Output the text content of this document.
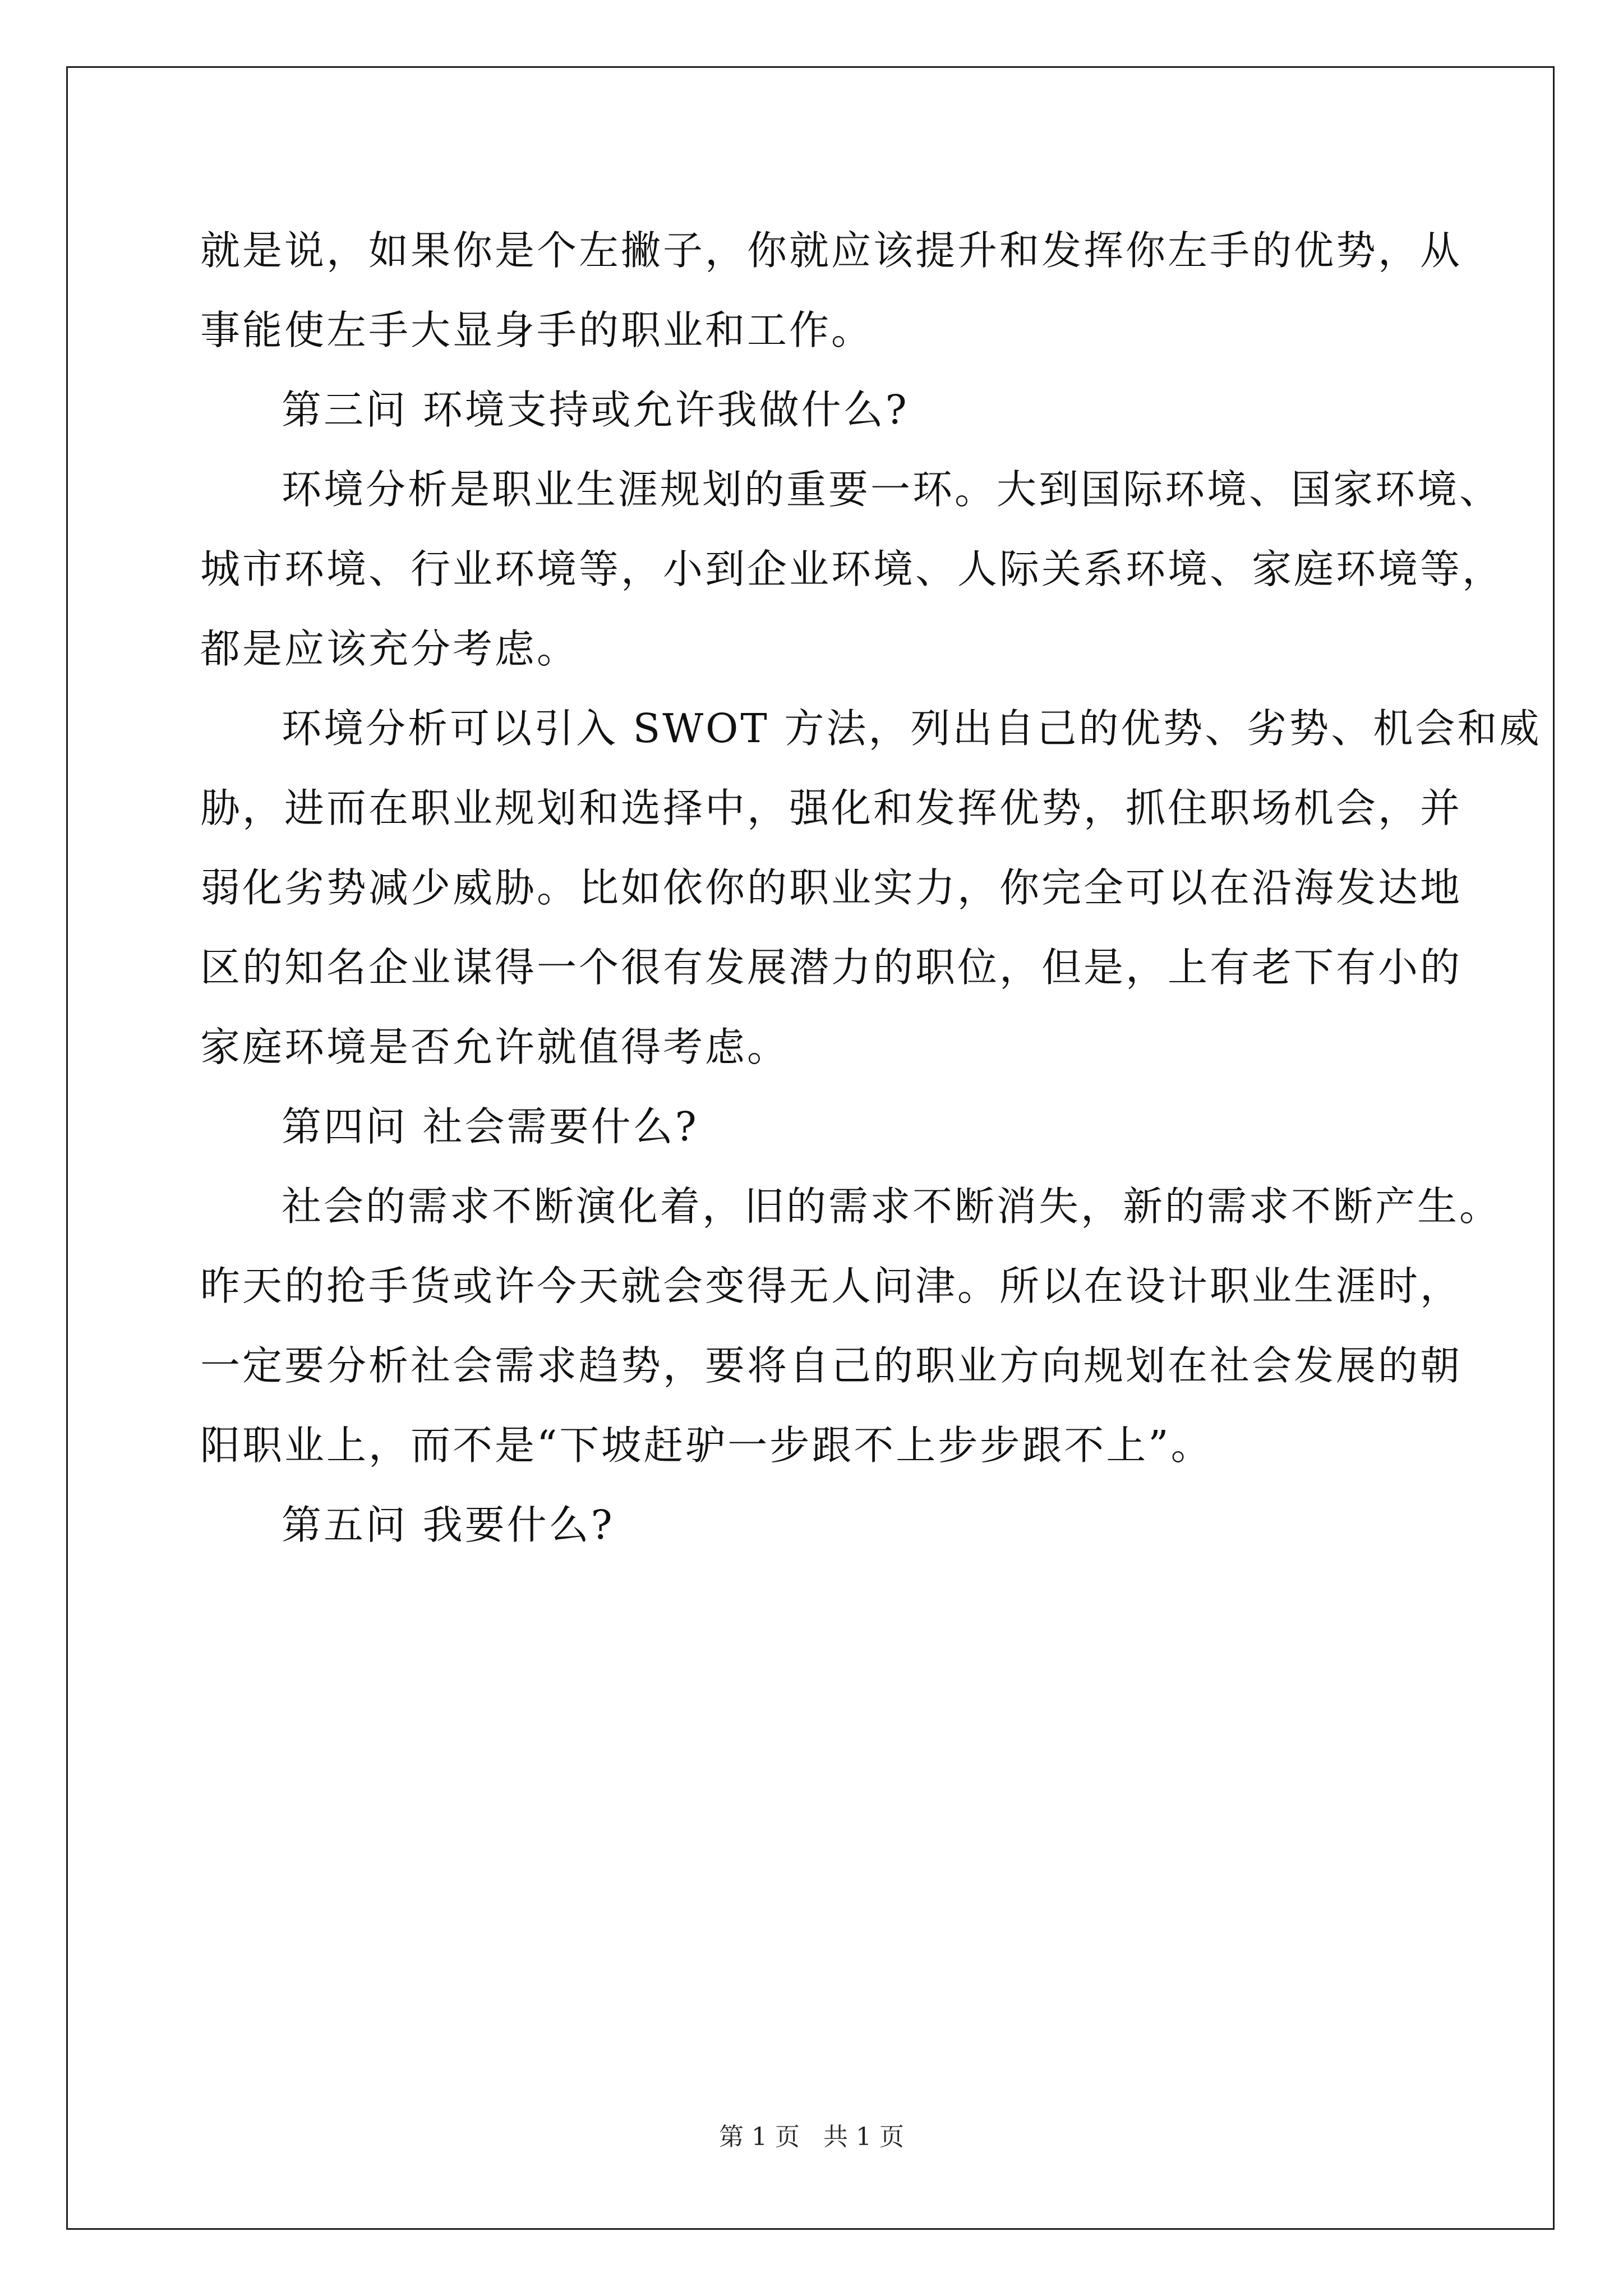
就是说，如果你是个左撇子，你就应该提升和发挥你左手的优势，从
事能使左手大显身手的职业和工作。
第三问 环境支持或允许我做什么?
环境分析是职业生涯规划的重要一环。大到国际环境、国家环境、
城市环境、行业环境等，小到企业环境、人际关系环境、家庭环境等，
都是应该充分考虑。
环境分析可以引入 SWOT 方法，列出自己的优势、劣势、机会和威
胁，进而在职业规划和选择中，强化和发挥优势，抓住职场机会，并
弱化劣势减少威胁。比如依你的职业实力，你完全可以在沿海发达地
区的知名企业谋得一个很有发展潜力的职位，但是，上有老下有小的
家庭环境是否允许就值得考虑。
第四问 社会需要什么?
社会的需求不断演化着，旧的需求不断消失，新的需求不断产生。
昨天的抢手货或许今天就会变得无人问津。所以在设计职业生涯时，
一定要分析社会需求趋势，要将自己的职业方向规划在社会发展的朝
阳职业上，而不是“下坡赶驴一步跟不上步步跟不上”。
第五问 我要什么?
第 1 页   共 1 页
